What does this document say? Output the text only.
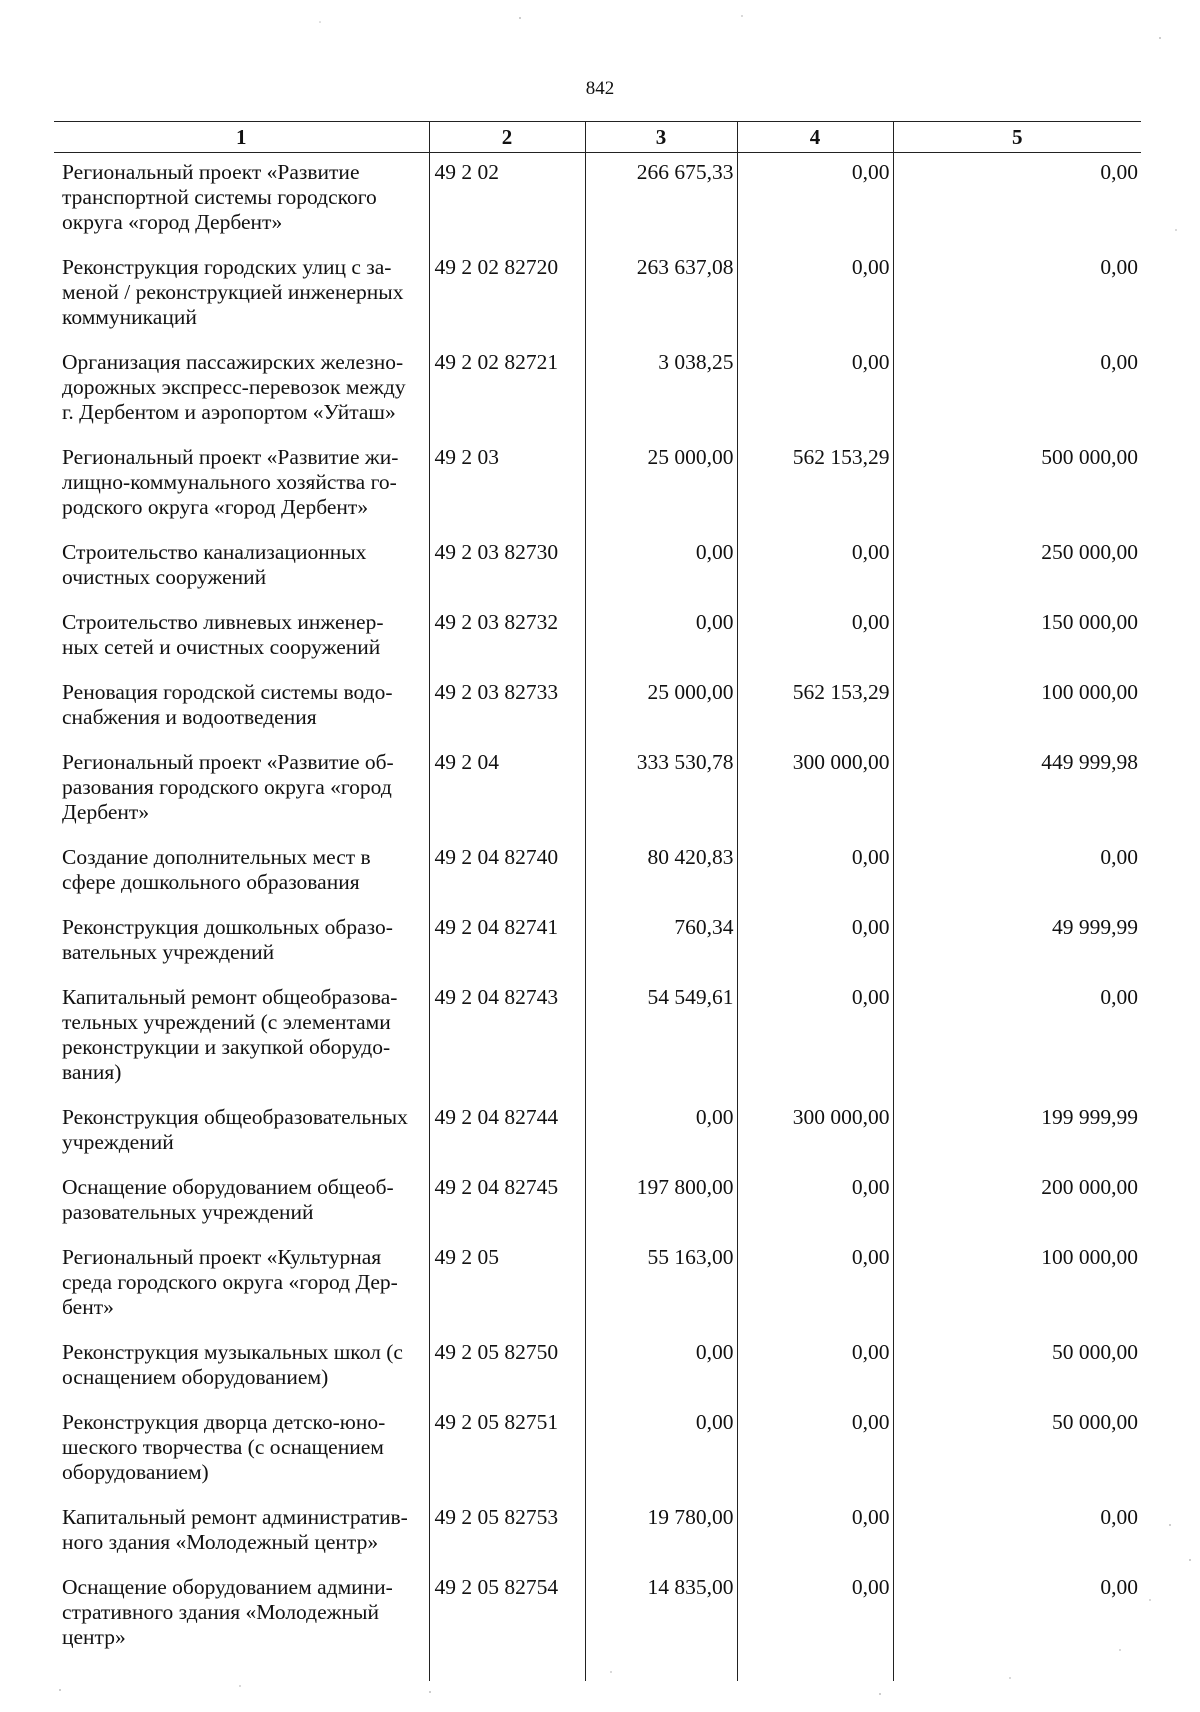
842
1	2	3	4	5
Региональный проект «Развитие
транспортной системы городского
округа «город Дербент»	49 2 02	266 675,33	0,00	0,00
Реконструкция городских улиц с за-
меной / реконструкцией инженерных
коммуникаций	49 2 02 82720	263 637,08	0,00	0,00
Организация пассажирских железно-
дорожных экспресс-перевозок между
г. Дербентом и аэропортом «Уйташ»	49 2 02 82721	3 038,25	0,00	0,00
Региональный проект «Развитие жи-
лищно-коммунального хозяйства го-
родского округа «город Дербент»	49 2 03	25 000,00	562 153,29	500 000,00
Строительство канализационных
очистных сооружений	49 2 03 82730	0,00	0,00	250 000,00
Строительство ливневых инженер-
ных сетей и очистных сооружений	49 2 03 82732	0,00	0,00	150 000,00
Реновация городской системы водо-
снабжения и водоотведения	49 2 03 82733	25 000,00	562 153,29	100 000,00
Региональный проект «Развитие об-
разования городского округа «город
Дербент»	49 2 04	333 530,78	300 000,00	449 999,98
Создание дополнительных мест в
сфере дошкольного образования	49 2 04 82740	80 420,83	0,00	0,00
Реконструкция дошкольных образо-
вательных учреждений	49 2 04 82741	760,34	0,00	49 999,99
Капитальный ремонт общеобразова-
тельных учреждений (с элементами
реконструкции и закупкой оборудо-
вания)	49 2 04 82743	54 549,61	0,00	0,00
Реконструкция общеобразовательных
учреждений	49 2 04 82744	0,00	300 000,00	199 999,99
Оснащение оборудованием общеоб-
разовательных учреждений	49 2 04 82745	197 800,00	0,00	200 000,00
Региональный проект «Культурная
среда городского округа «город Дер-
бент»	49 2 05	55 163,00	0,00	100 000,00
Реконструкция музыкальных школ (с
оснащением оборудованием)	49 2 05 82750	0,00	0,00	50 000,00
Реконструкция дворца детско-юно-
шеского творчества (с оснащением
оборудованием)	49 2 05 82751	0,00	0,00	50 000,00
Капитальный ремонт административ-
ного здания «Молодежный центр»	49 2 05 82753	19 780,00	0,00	0,00
Оснащение оборудованием админи-
стративного здания «Молодежный
центр»	49 2 05 82754	14 835,00	0,00	0,00
